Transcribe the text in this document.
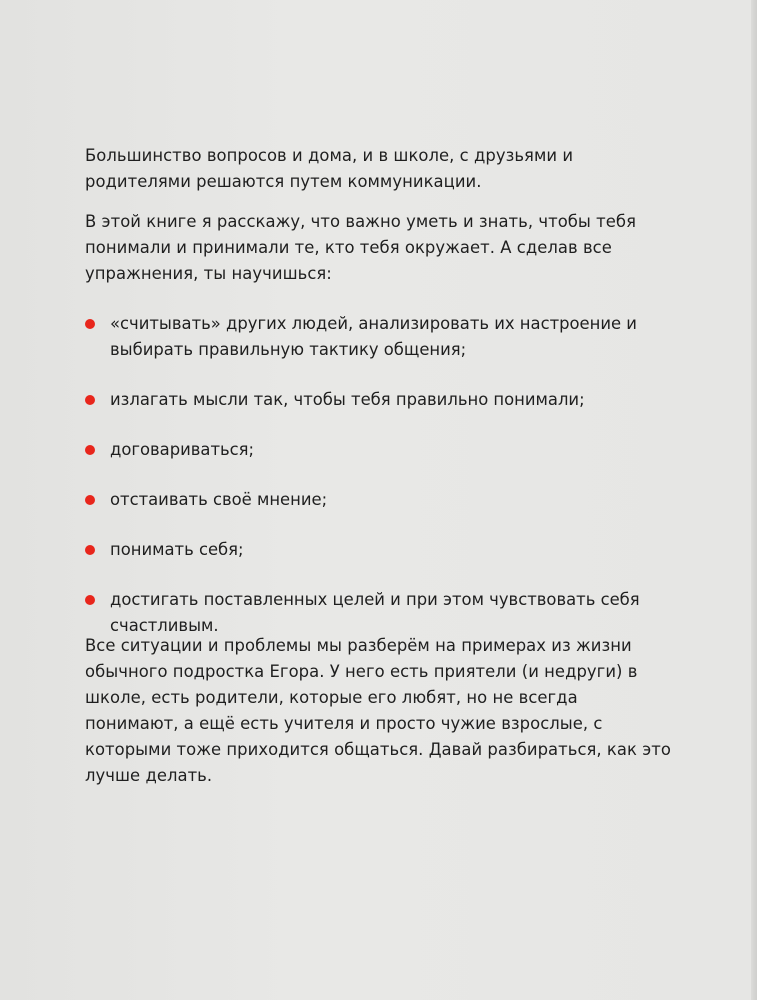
Большинство вопросов и дома, и в школе, с друзьями и родителями решаются путем коммуникации.

В этой книге я расскажу, что важно уметь и знать, чтобы тебя понимали и принимали те, кто тебя окружает. А сделав все упражнения, ты научишься:

«считывать» других людей, анализировать их настроение и выбирать правильную тактику общения;
излагать мысли так, чтобы тебя правильно понимали;
договариваться;
отстаивать своё мнение;
понимать себя;
достигать поставленных целей и при этом чувствовать себя счастливым.

Все ситуации и проблемы мы разберём на примерах из жизни обычного подростка Егора. У него есть приятели (и недруги) в школе, есть родители, которые его любят, но не всегда понимают, а ещё есть учителя и просто чужие взрослые, с которыми тоже приходится общаться. Давай разбираться, как это лучше делать.
